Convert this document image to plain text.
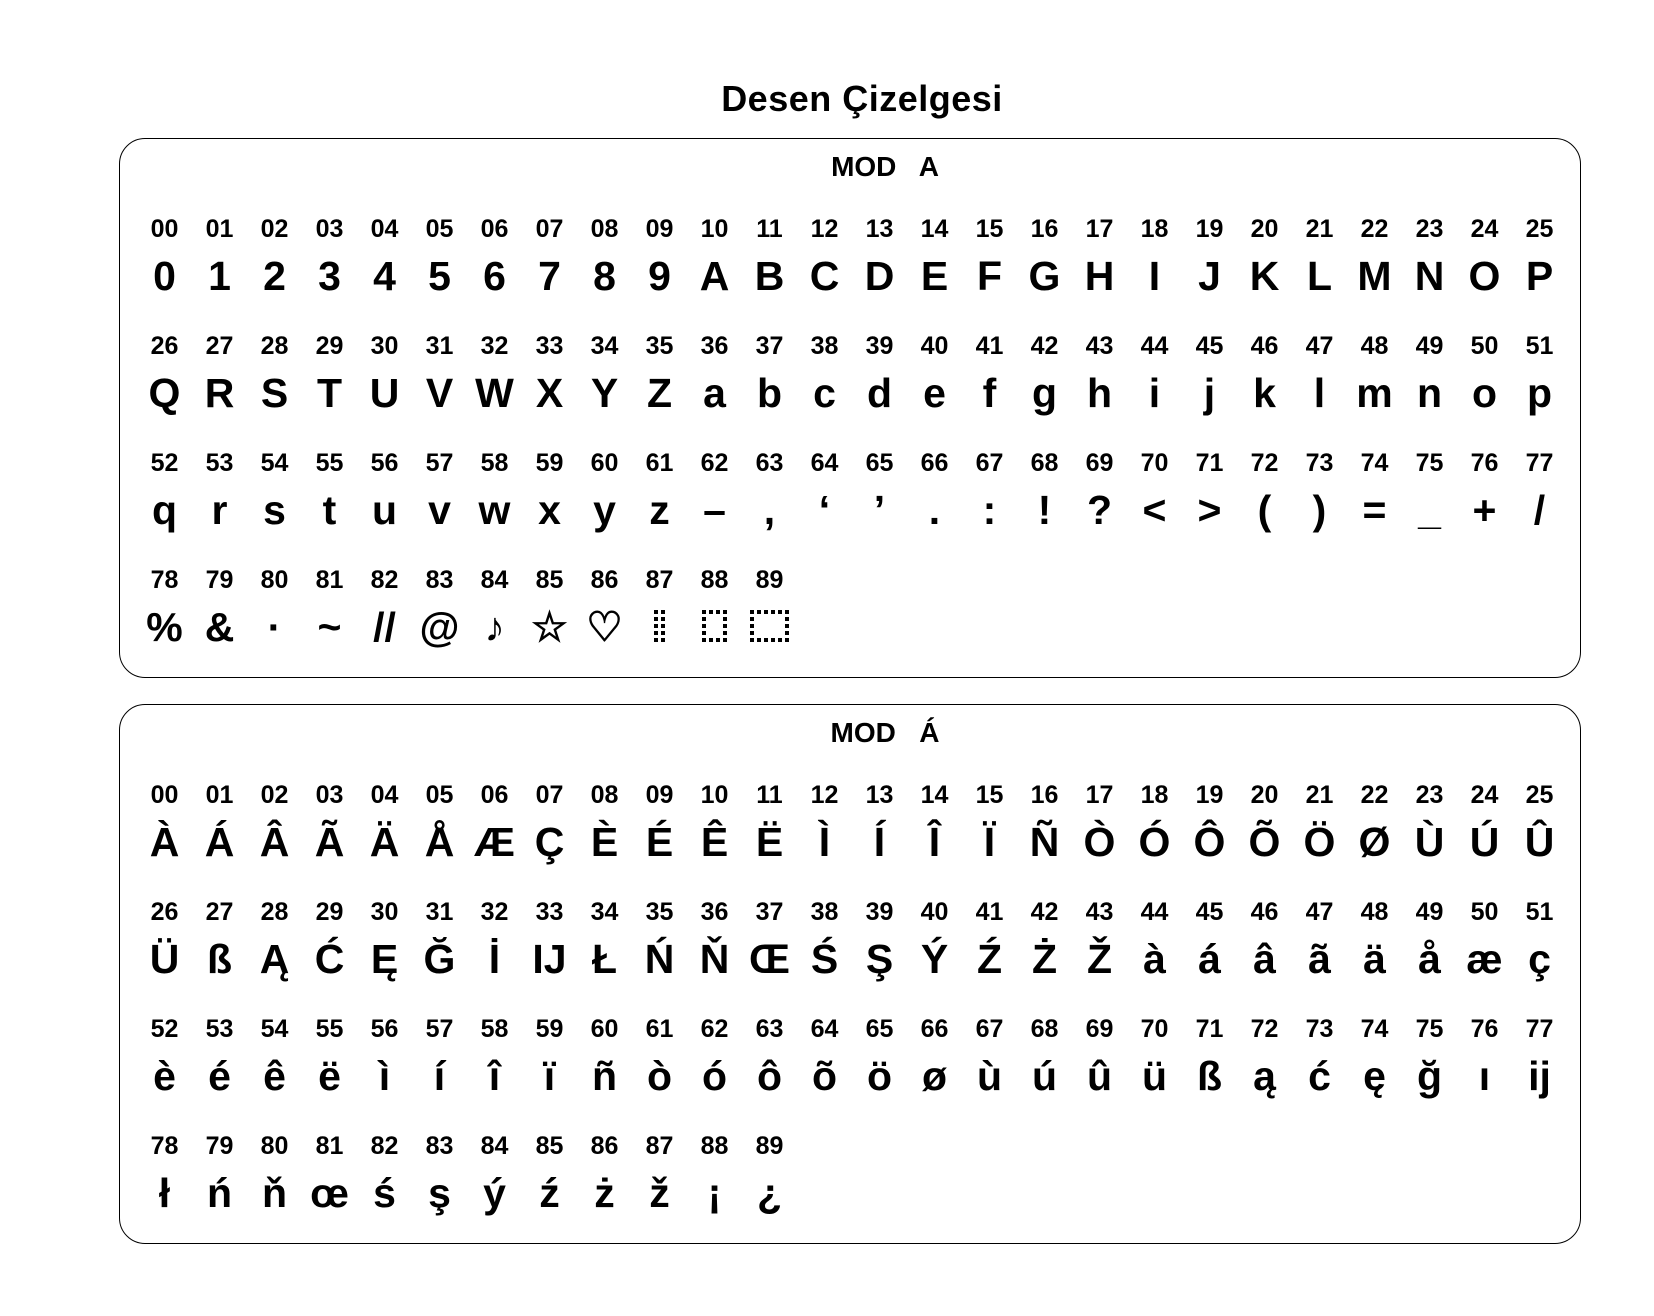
Desen Çizelgesi
MOD   A
00
0
01
1
02
2
03
3
04
4
05
5
06
6
07
7
08
8
09
9
10
A
11
B
12
C
13
D
14
E
15
F
16
G
17
H
18
I
19
J
20
K
21
L
22
M
23
N
24
O
25
P
26
Q
27
R
28
S
29
T
30
U
31
V
32
W
33
X
34
Y
35
Z
36
a
37
b
38
c
39
d
40
e
41
f
42
g
43
h
44
i
45
j
46
k
47
l
48
m
49
n
50
o
51
p
52
q
53
r
54
s
55
t
56
u
57
v
58
w
59
x
60
y
61
z
62
–
63
,
64
‘
65
’
66
.
67
:
68
!
69
?
70
<
71
>
72
(
73
)
74
=
75
_
76
+
77
/
78
%
79
&
80
·
81
~
82
//
83
@
84
♪
85
☆
86
♡
87 88 89
MOD   Á
00
À
01
Á
02
Â
03
Ã
04
Ä
05
Å
06
Æ
07
Ç
08
È
09
É
10
Ê
11
Ë
12
Ì
13
Í
14
Î
15
Ï
16
Ñ
17
Ò
18
Ó
19
Ô
20
Õ
21
Ö
22
Ø
23
Ù
24
Ú
25
Û
26
Ü
27
ß
28
Ą
29
Ć
30
Ę
31
Ğ
32
İ
33
IJ
34
Ł
35
Ń
36
Ň
37
Œ
38
Ś
39
Ş
40
Ý
41
Ź
42
Ż
43
Ž
44
à
45
á
46
â
47
ã
48
ä
49
å
50
æ
51
ç
52
è
53
é
54
ê
55
ë
56
ì
57
í
58
î
59
ï
60
ñ
61
ò
62
ó
63
ô
64
õ
65
ö
66
ø
67
ù
68
ú
69
û
70
ü
71
ß
72
ą
73
ć
74
ę
75
ğ
76
ı
77
ij
78
ł
79
ń
80
ň
81
œ
82
ś
83
ş
84
ý
85
ź
86
ż
87
ž
88
¡
89
¿
